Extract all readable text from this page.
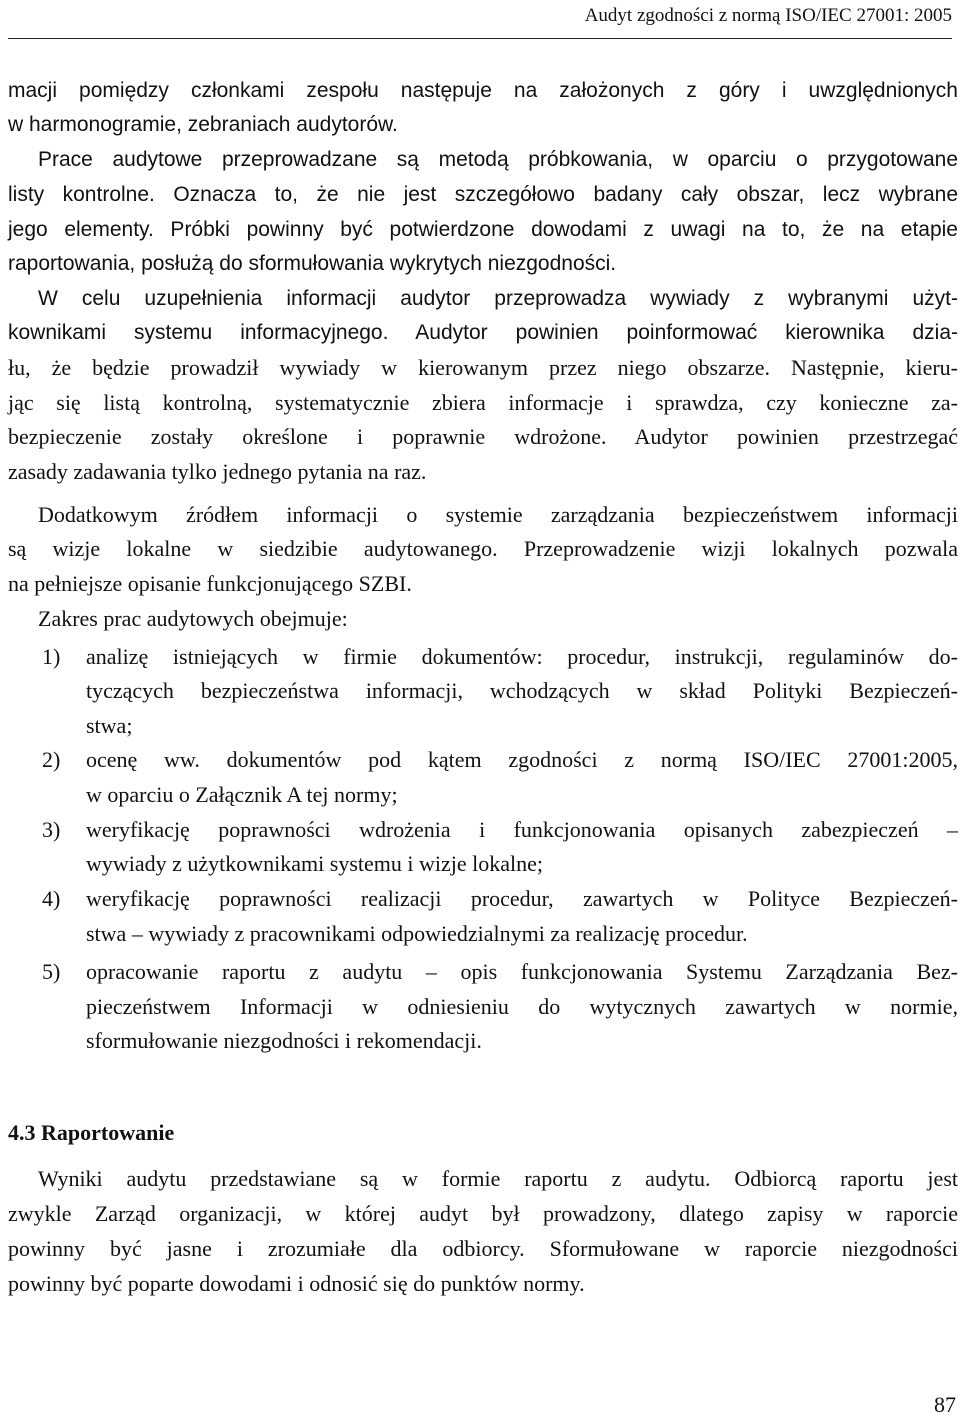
Audyt zgodności z normą ISO/IEC 27001: 2005
macji pomiędzy członkami zespołu następuje na założonych z góry i uwzględnionych
w harmonogramie, zebraniach audytorów.
Prace audytowe przeprowadzane są metodą próbkowania, w oparciu o przygotowane
listy kontrolne. Oznacza to, że nie jest szczegółowo badany cały obszar, lecz wybrane
jego elementy. Próbki powinny być potwierdzone dowodami z uwagi na to, że na etapie
raportowania, posłużą do sformułowania wykrytych niezgodności.
W celu uzupełnienia informacji audytor przeprowadza wywiady z wybranymi użyt-
kownikami systemu informacyjnego. Audytor powinien poinformować kierownika dzia-
łu, że będzie prowadził wywiady w kierowanym przez niego obszarze. Następnie, kieru-
jąc się listą kontrolną, systematycznie zbiera informacje i sprawdza, czy konieczne za-
bezpieczenie zostały określone i poprawnie wdrożone. Audytor powinien przestrzegać
zasady zadawania tylko jednego pytania na raz.
Dodatkowym źródłem informacji o systemie zarządzania bezpieczeństwem informacji
są wizje lokalne w siedzibie audytowanego. Przeprowadzenie wizji lokalnych pozwala
na pełniejsze opisanie funkcjonującego SZBI.
Zakres prac audytowych obejmuje:
1) analizę istniejących w firmie dokumentów: procedur, instrukcji, regulaminów do-
tyczących bezpieczeństwa informacji, wchodzących w skład Polityki Bezpieczeń-
stwa;
2) ocenę ww. dokumentów pod kątem zgodności z normą ISO/IEC 27001:2005,
w oparciu o Załącznik A tej normy;
3) weryfikację poprawności wdrożenia i funkcjonowania opisanych zabezpieczeń –
wywiady z użytkownikami systemu i wizje lokalne;
4) weryfikację poprawności realizacji procedur, zawartych w Polityce Bezpieczeń-
stwa – wywiady z pracownikami odpowiedzialnymi za realizację procedur.
5) opracowanie raportu z audytu – opis funkcjonowania Systemu Zarządzania Bez-
pieczeństwem Informacji w odniesieniu do wytycznych zawartych w normie,
sformułowanie niezgodności i rekomendacji.
4.3 Raportowanie
Wyniki audytu przedstawiane są w formie raportu z audytu. Odbiorcą raportu jest
zwykle Zarząd organizacji, w której audyt był prowadzony, dlatego zapisy w raporcie
powinny być jasne i zrozumiałe dla odbiorcy. Sformułowane w raporcie niezgodności
powinny być poparte dowodami i odnosić się do punktów normy.
87
